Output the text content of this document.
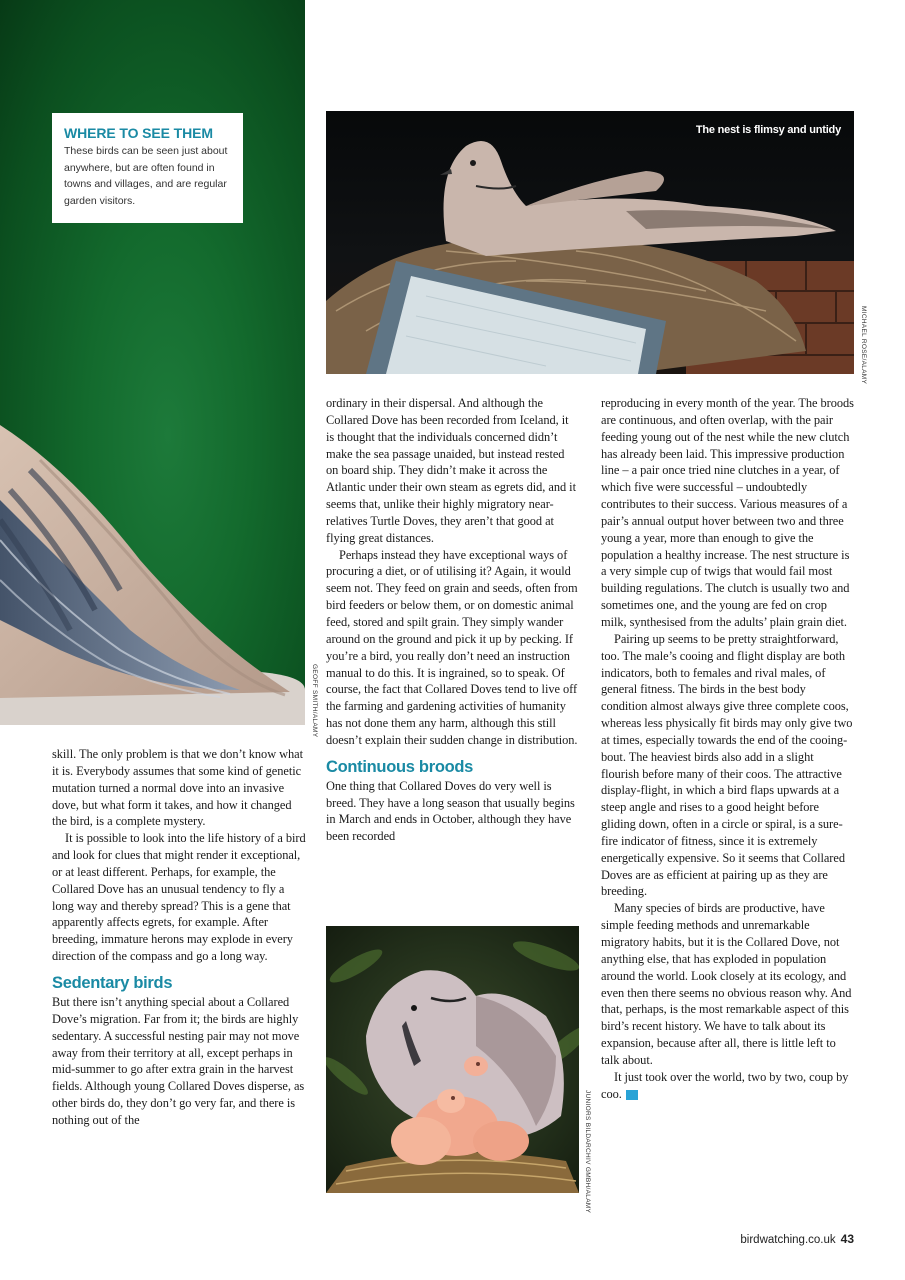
GEOFF SMITH/ALAMY
WHERE TO SEE THEM

These birds can be seen just about anywhere, but are often found in towns and villages, and are regular garden visitors.

The nest is flimsy and untidy
MICHAEL ROSE/ALAMY
JUNIORS BILDARCHIV GMBH/ALAMY

skill. The only problem is that we don’t know what it is. Everybody assumes that some kind of genetic mutation turned a normal dove into an invasive dove, but what form it takes, and how it changed the bird, is a complete mystery.

It is possible to look into the life history of a bird and look for clues that might render it exceptional, or at least different. Perhaps, for example, the Collared Dove has an unusual tendency to fly a long way and thereby spread? This is a gene that apparently affects egrets, for example. After breeding, immature herons may explode in every direction of the compass and go a long way.

Sedentary birds

But there isn’t anything special about a Collared Dove’s migration. Far from it; the birds are highly sedentary. A successful nesting pair may not move away from their territory at all, except perhaps in mid-summer to go after extra grain in the harvest fields. Although young Collared Doves disperse, as other birds do, they don’t go very far, and there is nothing out of the

ordinary in their dispersal. And although the Collared Dove has been recorded from Iceland, it is thought that the individuals concerned didn’t make the sea passage unaided, but instead rested on board ship. They didn’t make it across the Atlantic under their own steam as egrets did, and it seems that, unlike their highly migratory near-relatives Turtle Doves, they aren’t that good at flying great distances.

Perhaps instead they have exceptional ways of procuring a diet, or of utilising it? Again, it would seem not. They feed on grain and seeds, often from bird feeders or below them, or on domestic animal feed, stored and spilt grain. They simply wander around on the ground and pick it up by pecking. If you’re a bird, you really don’t need an instruction manual to do this. It is ingrained, so to speak. Of course, the fact that Collared Doves tend to live off the farming and gardening activities of humanity has not done them any harm, although this still doesn’t explain their sudden change in distribution.

Continuous broods

One thing that Collared Doves do very well is breed. They have a long season that usually begins in March and ends in October, although they have been recorded

reproducing in every month of the year. The broods are continuous, and often overlap, with the pair feeding young out of the nest while the new clutch has already been laid. This impressive production line – a pair once tried nine clutches in a year, of which five were successful – undoubtedly contributes to their success. Various measures of a pair’s annual output hover between two and three young a year, more than enough to give the population a healthy increase. The nest structure is a very simple cup of twigs that would fail most building regulations. The clutch is usually two and sometimes one, and the young are fed on crop milk, synthesised from the adults’ plain grain diet.

Pairing up seems to be pretty straightforward, too. The male’s cooing and flight display are both indicators, both to females and rival males, of general fitness. The birds in the best body condition almost always give three complete coos, whereas less physically fit birds may only give two at times, especially towards the end of the cooing-bout. The heaviest birds also add in a slight flourish before many of their coos. The attractive display-flight, in which a bird flaps upwards at a steep angle and rises to a good height before gliding down, often in a circle or spiral, is a sure-fire indicator of fitness, since it is extremely energetically expensive. So it seems that Collared Doves are as efficient at pairing up as they are breeding.

Many species of birds are productive, have simple feeding methods and unremarkable migratory habits, but it is the Collared Dove, not anything else, that has exploded in population around the world. Look closely at its ecology, and even then there seems no obvious reason why. And that, perhaps, is the most remarkable aspect of this bird’s recent history. We have to talk about its expansion, because after all, there is little left to talk about.

It just took over the world, two by two, coup by coo.	BW

birdwatching.co.uk 43
